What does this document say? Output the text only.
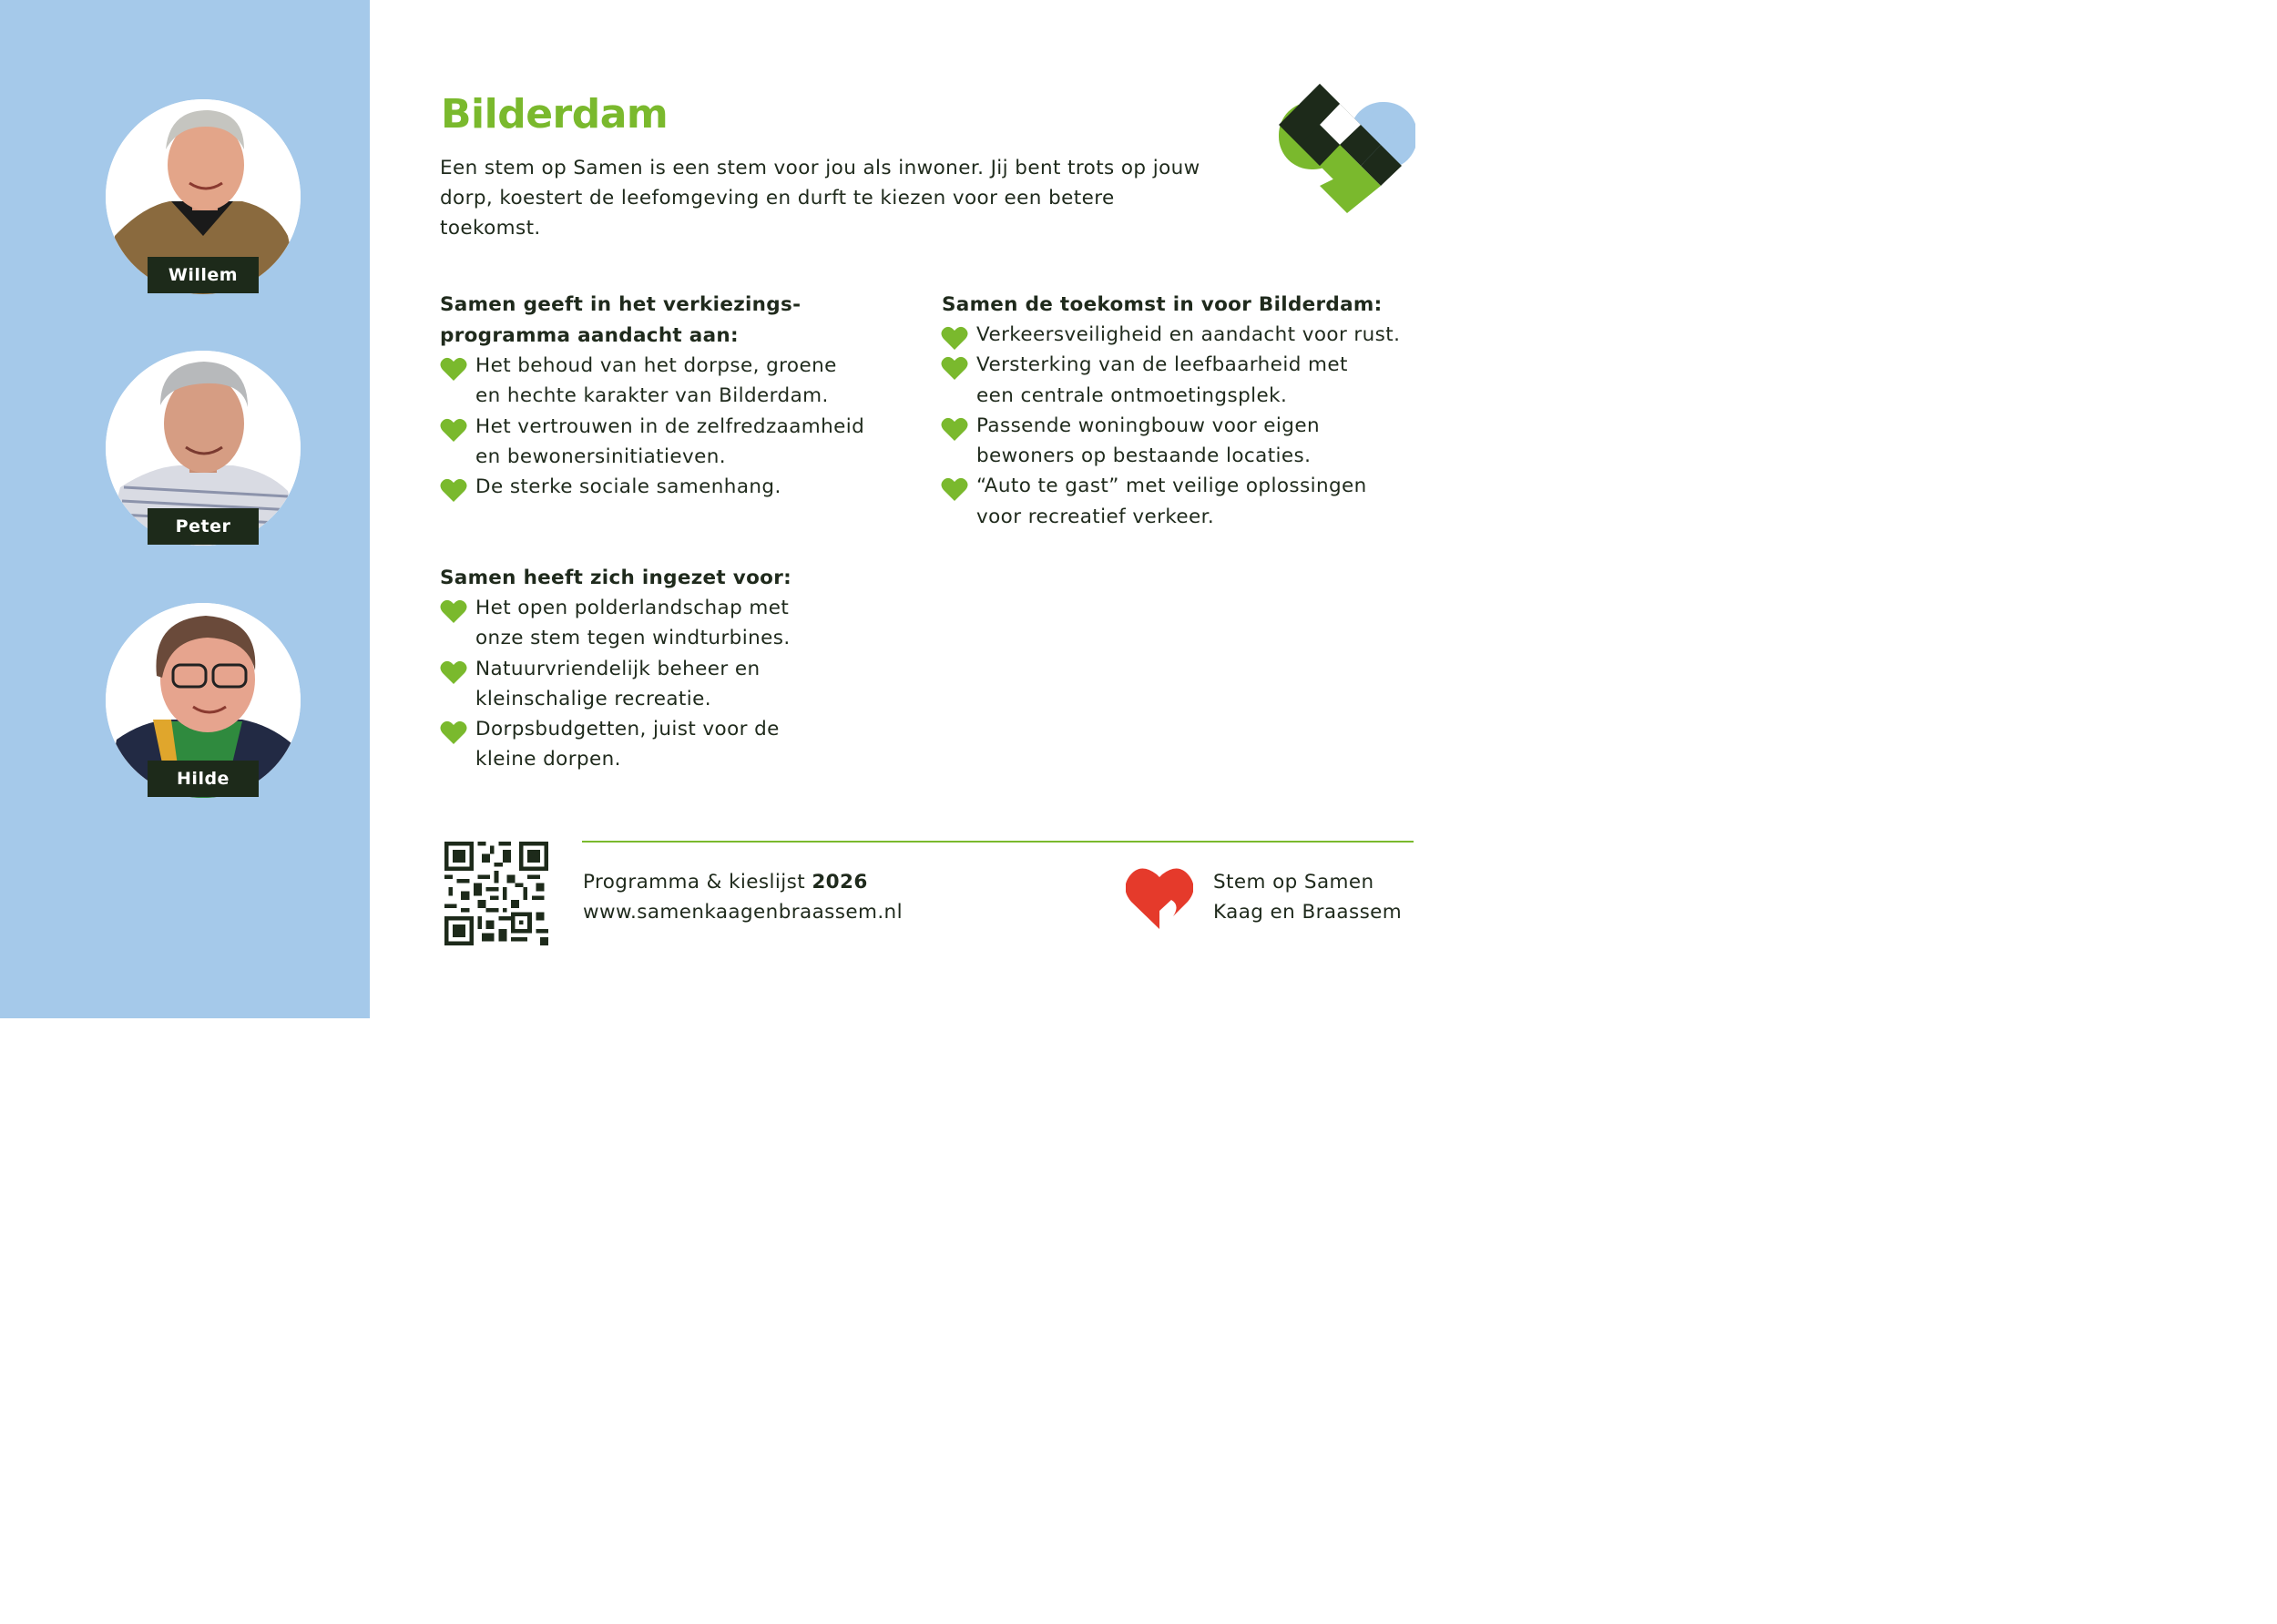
Willem
Peter
Hilde
Bilderdam

Een stem op Samen is een stem voor jou als inwoner. Jij bent trots op jouw dorp, koestert de leefomgeving en durft te kiezen voor een betere toekomst.

Samen geeft in het verkiezings-
programma aandacht aan:
Het behoud van het dorpse, groene
en hechte karakter van Bilderdam.
Het vertrouwen in de zelfredzaamheid
en bewonersinitiatieven.
De sterke sociale samenhang.
Samen heeft zich ingezet voor:
Het open polderlandschap met
onze stem tegen windturbines.
Natuurvriendelijk beheer en
kleinschalige recreatie.
Dorpsbudgetten, juist voor de
kleine dorpen.
Samen de toekomst in voor Bilderdam:
Verkeersveiligheid en aandacht voor rust.
Versterking van de leefbaarheid met
een centrale ontmoetingsplek.
Passende woningbouw voor eigen
bewoners op bestaande locaties.
“Auto te gast” met veilige oplossingen
voor recreatief verkeer.
Programma & kieslijst 2026
www.samenkaagenbraassem.nl
Stem op Samen
Kaag en Braassem
